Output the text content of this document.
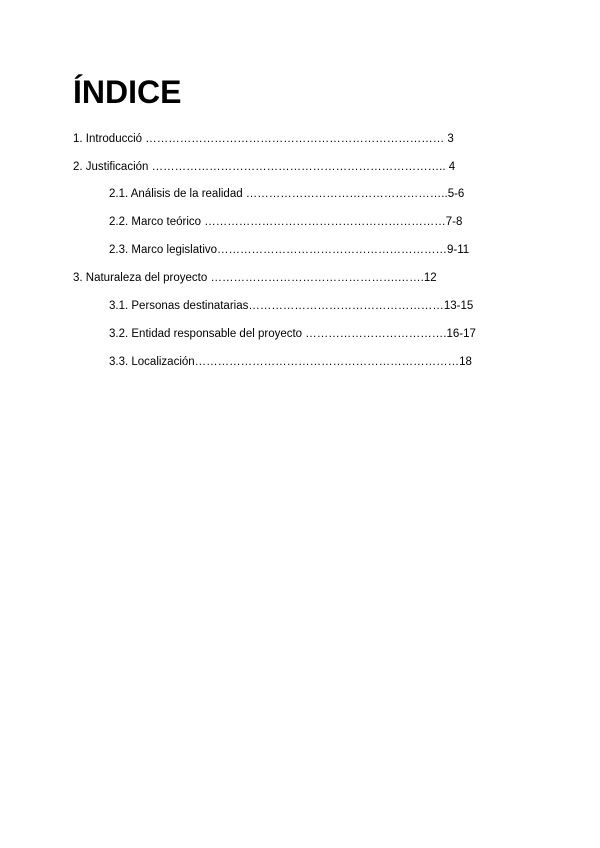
ÍNDICE
1. Introducció …………………………………………………………………… 3
2. Justificación ………………………………………………………………….. 4
2.1. Análisis de la realidad ……………………………………………..5-6
2.2. Marco teórico ………………………………………………………7-8
2.3. Marco legislativo……………………………………………………9-11
3. Naturaleza del proyecto ………………………………………….…….12
3.1. Personas destinatarias……………………………………………13-15
3.2. Entidad responsable del proyecto ……………………………….16-17
3.3. Localización……………………………………………………………18
